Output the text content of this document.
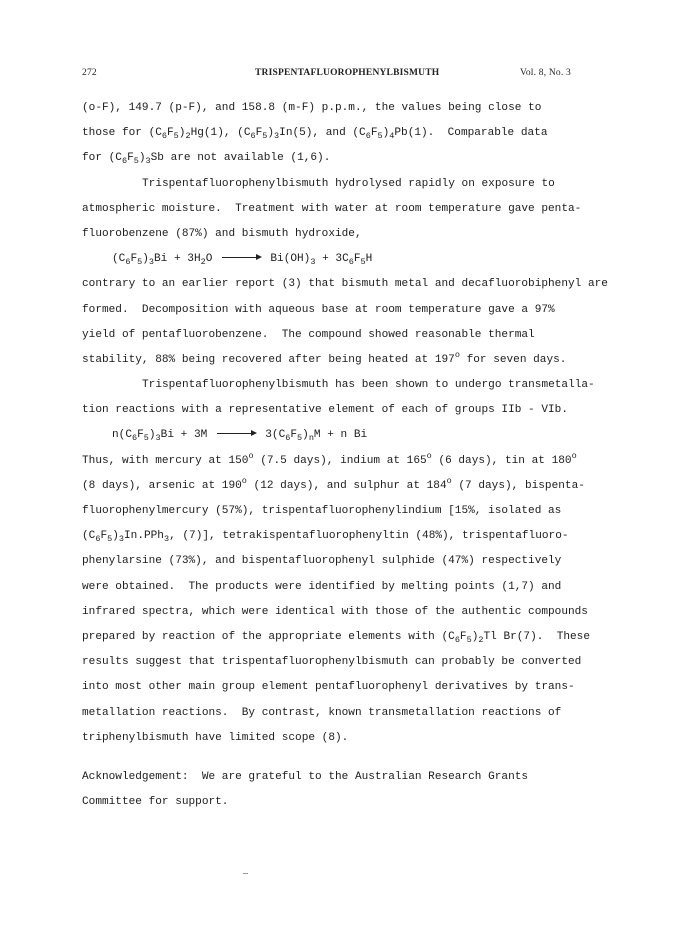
272	TRISPENTAFLUOROPHENYLBISMUTH	Vol. 8, No. 3
(o-F), 149.7 (p-F), and 158.8 (m-F) p.p.m., the values being close to
those for $(C_6F_5)_2Hg(1)$, $(C_6F_5)_3In(5)$, and $(C_6F_5)_4Pb(1)$.  Comparable data
for $(C_6F_5)_3Sb$ are not available (1,6).
Trispentafluorophenylbismuth hydrolysed rapidly on exposure to
atmospheric moisture.  Treatment with water at room temperature gave penta-
fluorobenzene (87%) and bismuth hydroxide,
$(C_6F_5)_3Bi + 3H_2O \to Bi(OH)_3 + 3C_6F_5H$
contrary to an earlier report (3) that bismuth metal and decafluorobiphenyl are
formed.  Decomposition with aqueous base at room temperature gave a 97%
yield of pentafluorobenzene.  The compound showed reasonable thermal
stability, 88% being recovered after being heated at 197$^o$ for seven days.
Trispentafluorophenylbismuth has been shown to undergo transmetalla-
tion reactions with a representative element of each of groups IIb - VIb.
$n(C_6F_5)_3Bi + 3M \to 3(C_6F_5)_nM + n$ Bi
Thus, with mercury at 150$^o$ (7.5 days), indium at 165$^o$ (6 days), tin at 180$^o$
(8 days), arsenic at 190$^o$ (12 days), and sulphur at 184$^o$ (7 days), bispenta-
fluorophenylmercury (57%), trispentafluorophenylindium [15%, isolated as
$(C_6F_5)_3In.PPh_3$, (7)], tetrakispentafluorophenyltin (48%), trispentafluoro-
phenylarsine (73%), and bispentafluorophenyl sulphide (47%) respectively
were obtained.  The products were identified by melting points (1,7) and
infrared spectra, which were identical with those of the authentic compounds
prepared by reaction of the appropriate elements with $(C_6F_5)_2Tl$ Br(7).  These
results suggest that trispentafluorophenylbismuth can probably be converted
into most other main group element pentafluorophenyl derivatives by trans-
metallation reactions.  By contrast, known transmetallation reactions of
triphenylbismuth have limited scope (8).
Acknowledgement:  We are grateful to the Australian Research Grants
Committee for support.
